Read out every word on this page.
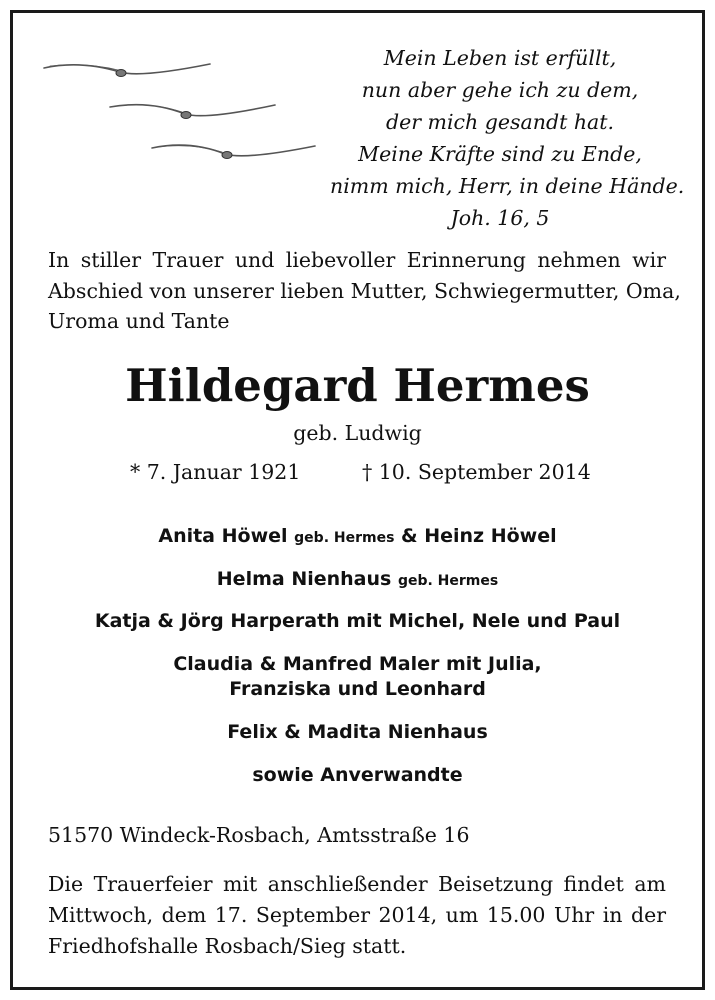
Mein Leben ist erfüllt,
nun aber gehe ich zu dem,
der mich gesandt hat.
Meine Kräfte sind zu Ende,
nimm mich, Herr, in deine Hände.
Joh. 16, 5
In stiller Trauer und liebevoller Erinnerung nehmen wir
Abschied von unserer lieben Mutter, Schwiegermutter, Oma,
Uroma und Tante
Hildegard Hermes
geb. Ludwig
* 7. Januar 1921	† 10. September 2014
Anita Höwel geb. Hermes & Heinz Höwel
Helma Nienhaus geb. Hermes
Katja & Jörg Harperath mit Michel, Nele und Paul
Claudia & Manfred Maler mit Julia,
Franziska und Leonhard
Felix & Madita Nienhaus
sowie Anverwandte
51570 Windeck-Rosbach, Amtsstraße 16
Die Trauerfeier mit anschließender Beisetzung findet am
Mittwoch, dem 17. September 2014, um 15.00 Uhr in der
Friedhofshalle Rosbach/Sieg statt.
